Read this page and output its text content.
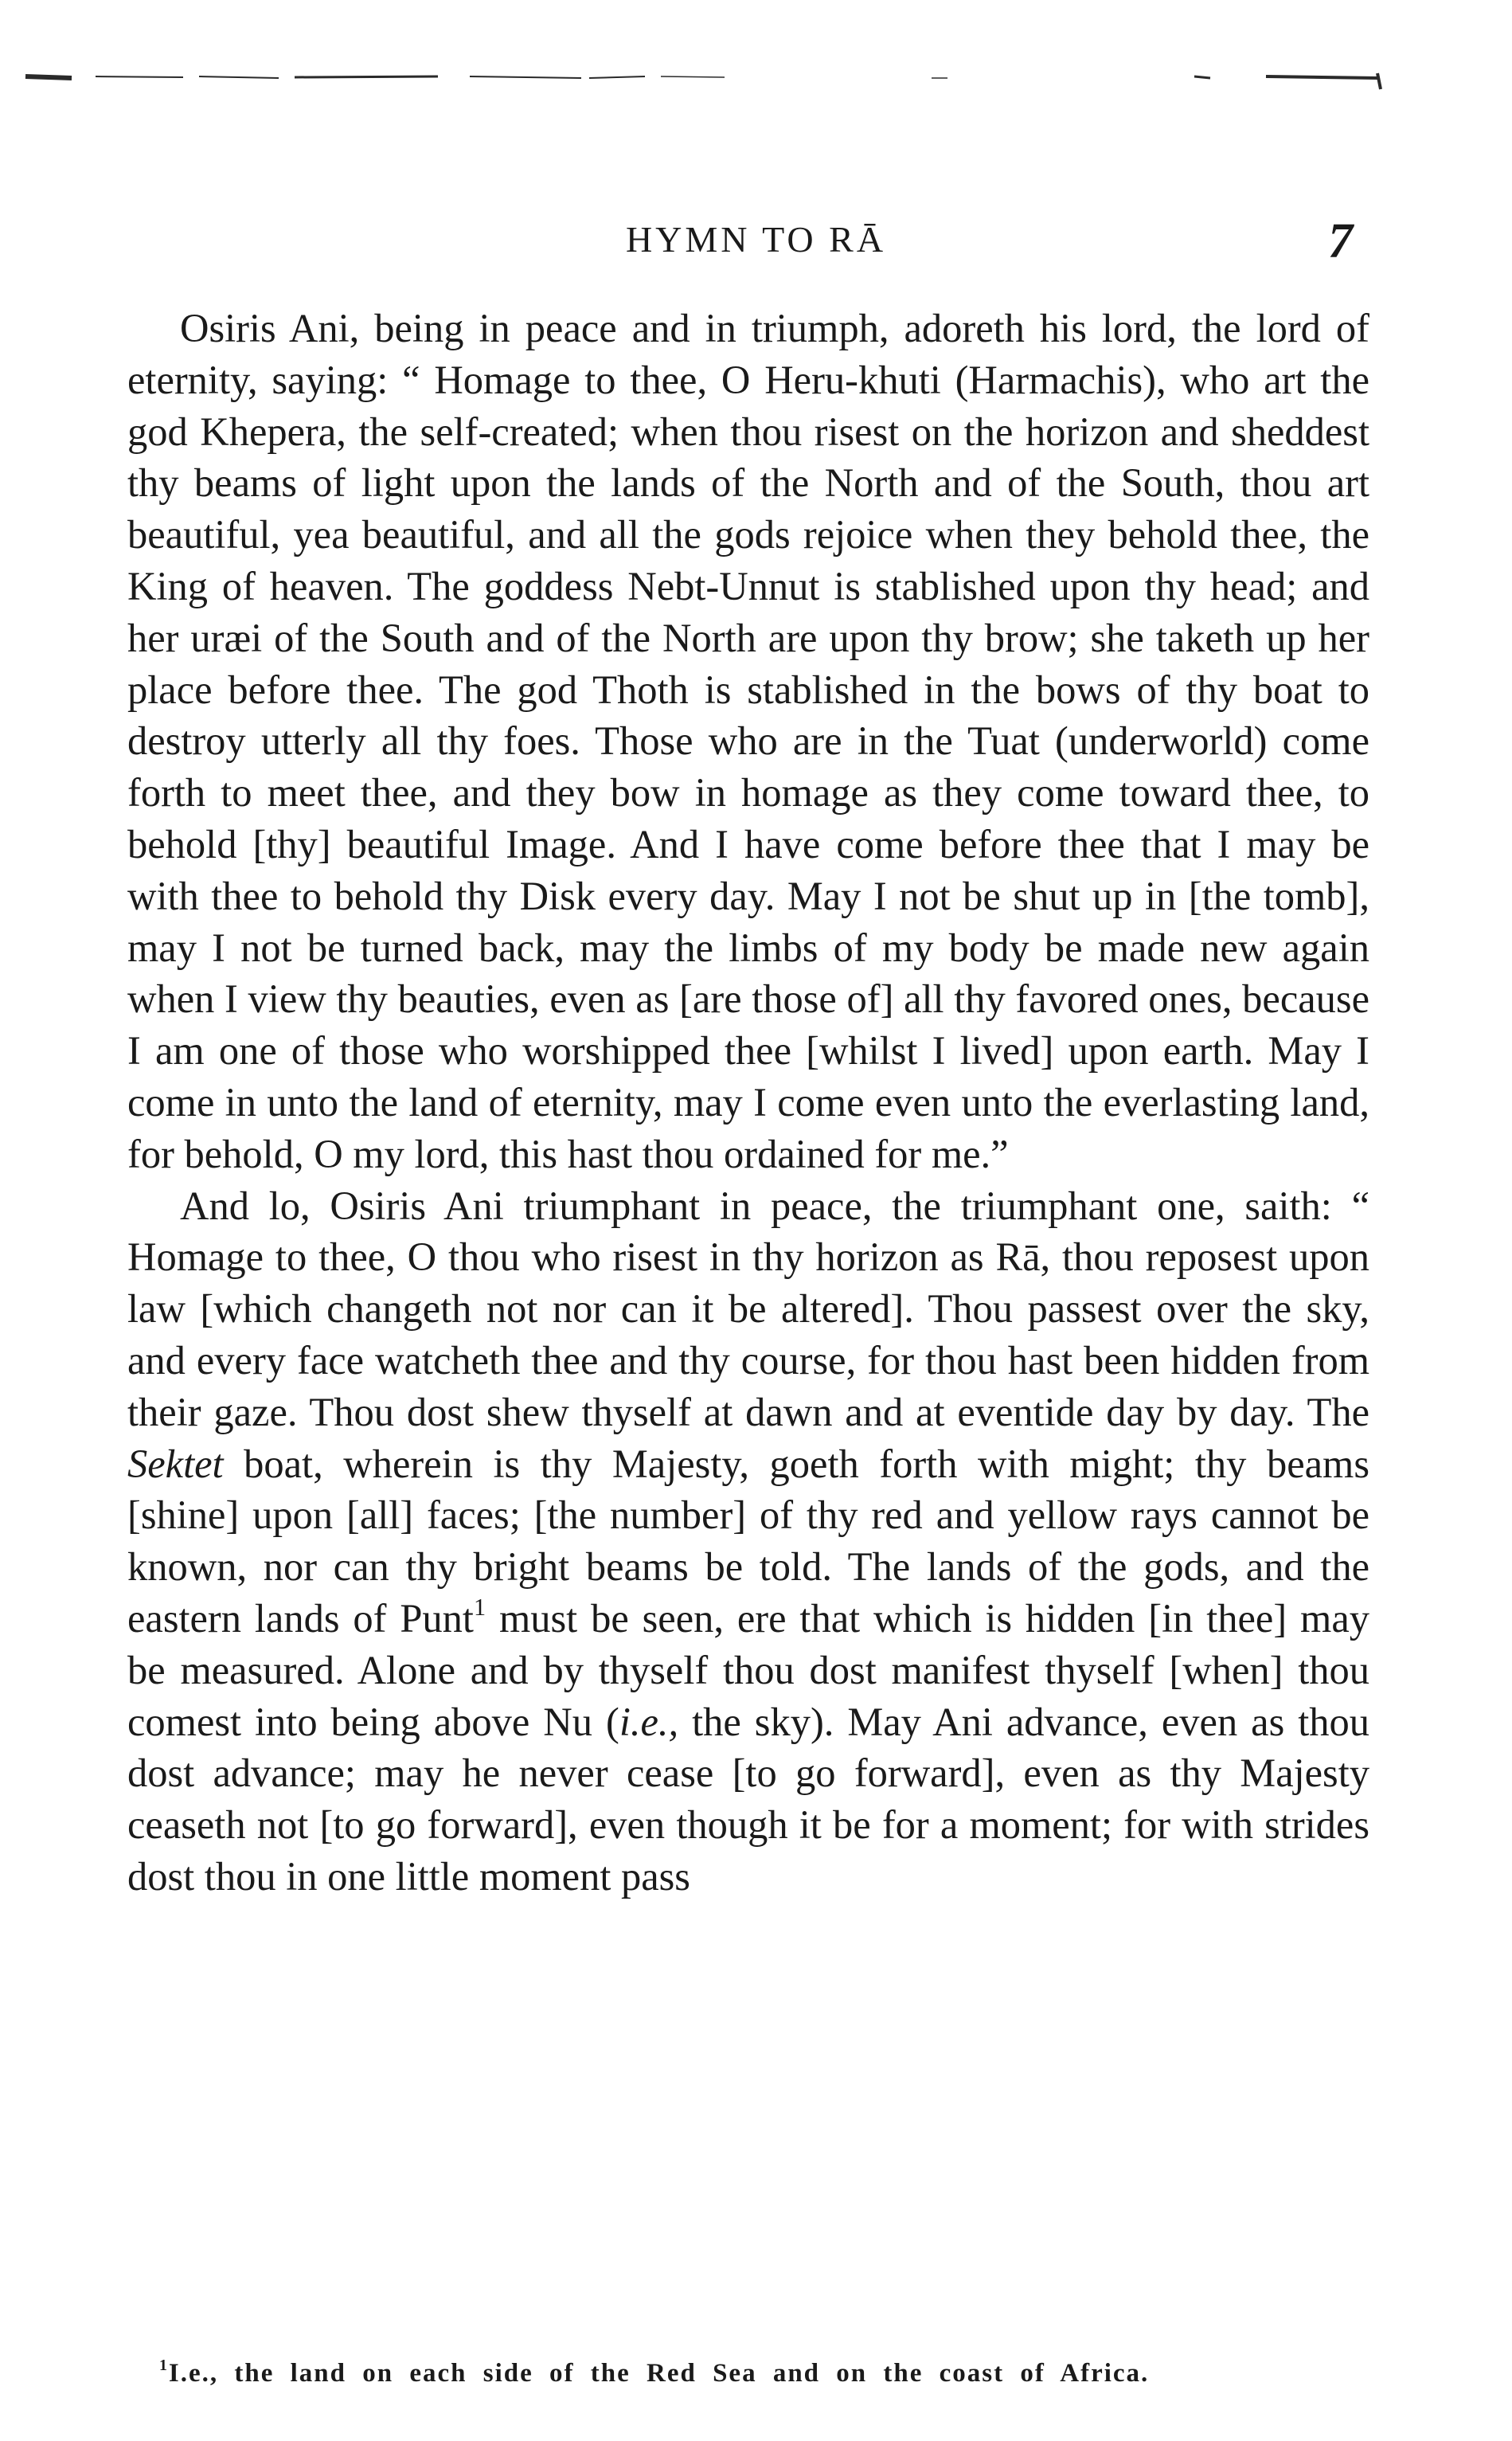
HYMN TO RĀ	7

Osiris Ani, being in peace and in triumph, adoreth his lord, the lord of eternity, saying: “ Homage to thee, O Heru-khuti (Harmachis), who art the god Khepera, the self-created; when thou risest on the horizon and sheddest thy beams of light upon the lands of the North and of the South, thou art beautiful, yea beautiful, and all the gods rejoice when they behold thee, the King of heaven. The goddess Nebt-Unnut is stablished upon thy head; and her uræi of the South and of the North are upon thy brow; she taketh up her place before thee. The god Thoth is stablished in the bows of thy boat to destroy utterly all thy foes. Those who are in the Tuat (underworld) come forth to meet thee, and they bow in homage as they come toward thee, to behold [thy] beautiful Image. And I have come before thee that I may be with thee to behold thy Disk every day. May I not be shut up in [the tomb], may I not be turned back, may the limbs of my body be made new again when I view thy beauties, even as [are those of] all thy favored ones, because I am one of those who worshipped thee [whilst I lived] upon earth. May I come in unto the land of eternity, may I come even unto the everlasting land, for behold, O my lord, this hast thou ordained for me.”

And lo, Osiris Ani triumphant in peace, the triumphant one, saith: “ Homage to thee, O thou who risest in thy horizon as Rā, thou reposest upon law [which changeth not nor can it be altered]. Thou passest over the sky, and every face watcheth thee and thy course, for thou hast been hidden from their gaze. Thou dost shew thyself at dawn and at eventide day by day. The Sektet boat, wherein is thy Majesty, goeth forth with might; thy beams [shine] upon [all] faces; [the number] of thy red and yellow rays cannot be known, nor can thy bright beams be told. The lands of the gods, and the eastern lands of Punt$^1$ must be seen, ere that which is hidden [in thee] may be measured. Alone and by thyself thou dost manifest thyself [when] thou comest into being above Nu (i.e., the sky). May Ani advance, even as thou dost advance; may he never cease [to go forward], even as thy Majesty ceaseth not [to go forward], even though it be for a moment; for with strides dost thou in one little moment pass

$^1$I.e., the land on each side of the Red Sea and on the coast of Africa.
